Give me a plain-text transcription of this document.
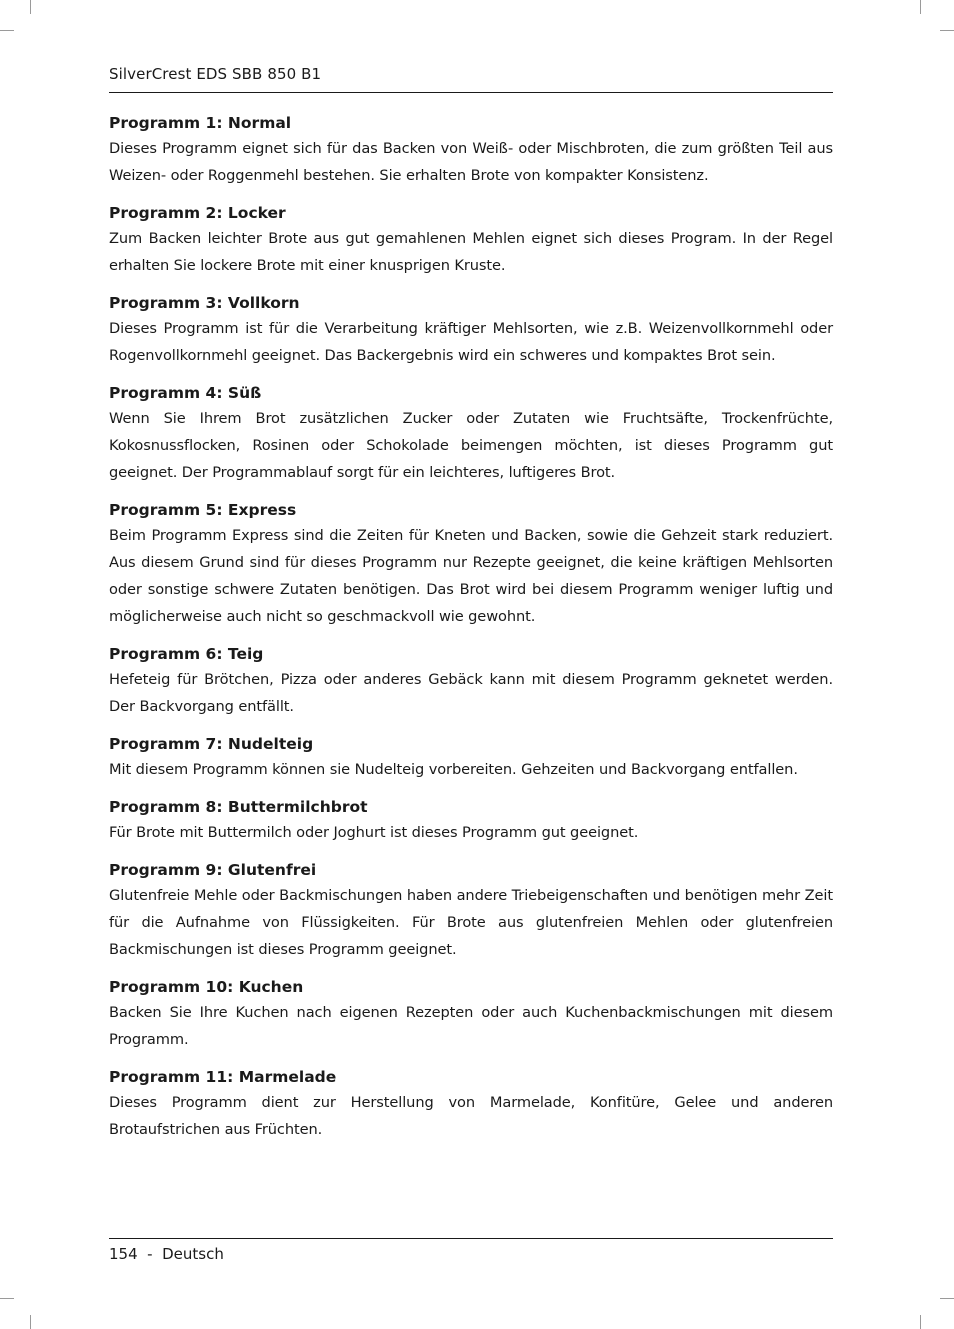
SilverCrest EDS SBB 850 B1
Programm 1: Normal

Dieses Programm eignet sich für das Backen von Weiß- oder Mischbroten, die zum größten Teil aus Weizen- oder Roggenmehl bestehen. Sie erhalten Brote von kompakter Konsistenz.

Programm 2: Locker

Zum Backen leichter Brote aus gut gemahlenen Mehlen eignet sich dieses Program. In der Regel erhalten Sie lockere Brote mit einer knusprigen Kruste.

Programm 3: Vollkorn

Dieses Programm ist für die Verarbeitung kräftiger Mehlsorten, wie z.B. Weizenvollkornmehl oder Rogenvollkornmehl geeignet. Das Backergebnis wird ein schweres und kompaktes Brot sein.

Programm 4: Süß

Wenn Sie Ihrem Brot zusätzlichen Zucker oder Zutaten wie Fruchtsäfte, Trockenfrüchte, Kokosnussflocken, Rosinen oder Schokolade beimengen möchten, ist dieses Programm gut geeignet. Der Programmablauf sorgt für ein leichteres, luftigeres Brot.

Programm 5: Express

Beim Programm Express sind die Zeiten für Kneten und Backen, sowie die Gehzeit stark reduziert. Aus diesem Grund sind für dieses Programm nur Rezepte geeignet, die keine kräftigen Mehlsorten oder sonstige schwere Zutaten benötigen. Das Brot wird bei diesem Programm weniger luftig und möglicherweise auch nicht so geschmackvoll wie gewohnt.

Programm 6: Teig

Hefeteig für Brötchen, Pizza oder anderes Gebäck kann mit diesem Programm geknetet werden. Der Backvorgang entfällt.

Programm 7: Nudelteig

Mit diesem Programm können sie Nudelteig vorbereiten. Gehzeiten und Backvorgang entfallen.

Programm 8: Buttermilchbrot

Für Brote mit Buttermilch oder Joghurt ist dieses Programm gut geeignet.

Programm 9: Glutenfrei

Glutenfreie Mehle oder Backmischungen haben andere Triebeigenschaften und benötigen mehr Zeit für die Aufnahme von Flüssigkeiten. Für Brote aus glutenfreien Mehlen oder glutenfreien Backmischungen ist dieses Programm geeignet.

Programm 10: Kuchen

Backen Sie Ihre Kuchen nach eigenen Rezepten oder auch Kuchenbackmischungen mit diesem Programm.

Programm 11: Marmelade

Dieses Programm dient zur Herstellung von Marmelade, Konfitüre, Gelee und anderen Brotaufstrichen aus Früchten.

154  -  Deutsch
